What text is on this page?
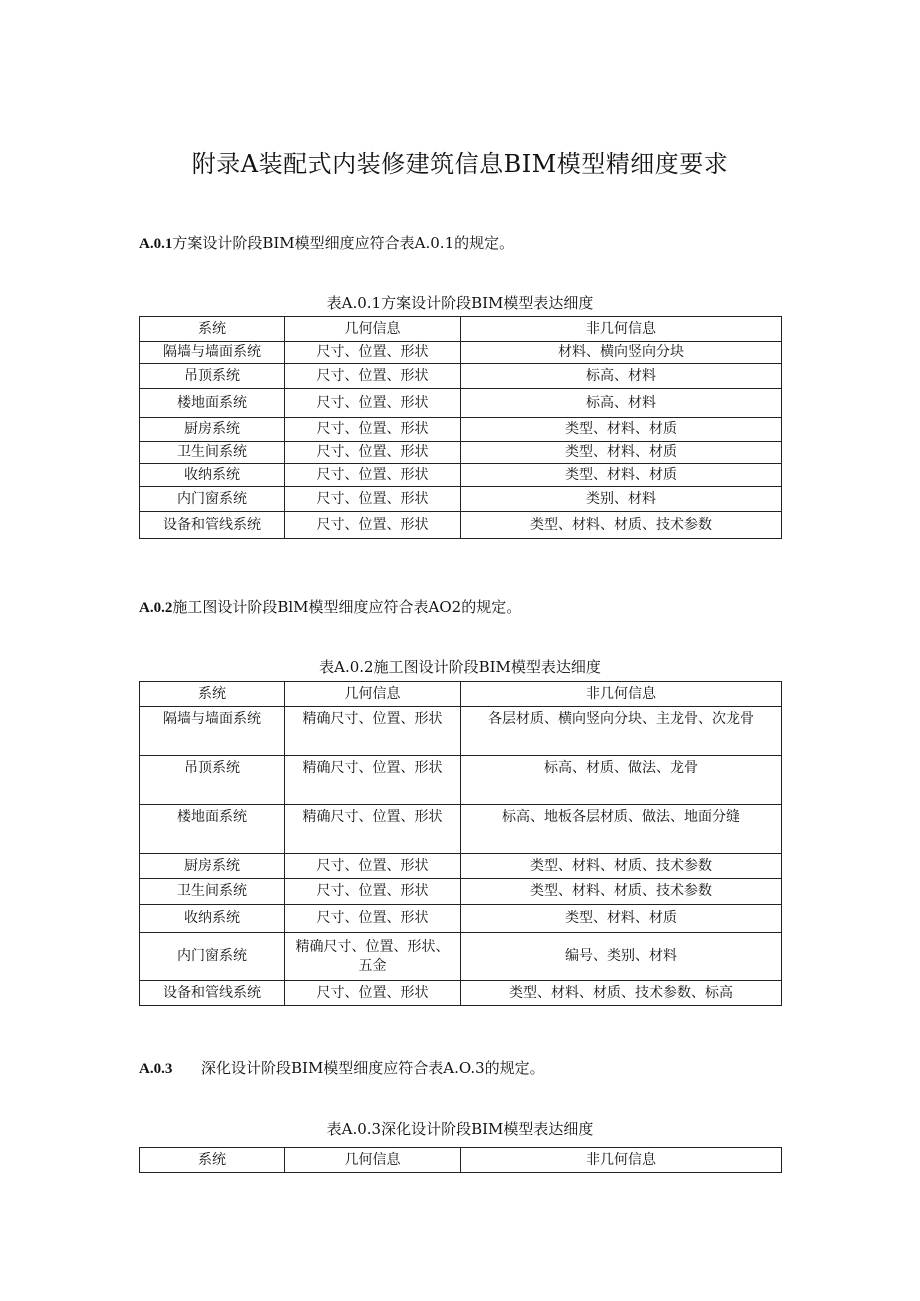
附录A装配式内装修建筑信息BIM模型精细度要求
A.0.1方案设计阶段BIM模型细度应符合表A.0.1的规定。
表A.0.1方案设计阶段BIM模型表达细度
系统	几何信息	非几何信息
隔墙与墙面系统	尺寸、位置、形状	材料、横向竖向分块
吊顶系统	尺寸、位置、形状	标高、材料
楼地面系统	尺寸、位置、形状	标高、材料
厨房系统	尺寸、位置、形状	类型、材料、材质
卫生间系统	尺寸、位置、形状	类型、材料、材质
收纳系统	尺寸、位置、形状	类型、材料、材质
内门窗系统	尺寸、位置、形状	类别、材料
设备和管线系统	尺寸、位置、形状	类型、材料、材质、技术参数
A.0.2施工图设计阶段BlM模型细度应符合表AO2的规定。
表A.0.2施工图设计阶段BIM模型表达细度
系统	几何信息	非几何信息
隔墙与墙面系统	精确尺寸、位置、形状	各层材质、横向竖向分块、主龙骨、次龙骨
吊顶系统	精确尺寸、位置、形状	标高、材质、做法、龙骨
楼地面系统	精确尺寸、位置、形状	标高、地板各层材质、做法、地面分缝
厨房系统	尺寸、位置、形状	类型、材料、材质、技术参数
卫生间系统	尺寸、位置、形状	类型、材料、材质、技术参数
收纳系统	尺寸、位置、形状	类型、材料、材质
内门窗系统	精确尺寸、位置、形状、五金	编号、类别、材料
设备和管线系统	尺寸、位置、形状	类型、材料、材质、技术参数、标高
A.0.3 深化设计阶段BIM模型细度应符合表A.O.3的规定。
表A.0.3深化设计阶段BIM模型表达细度
系统	几何信息	非几何信息
